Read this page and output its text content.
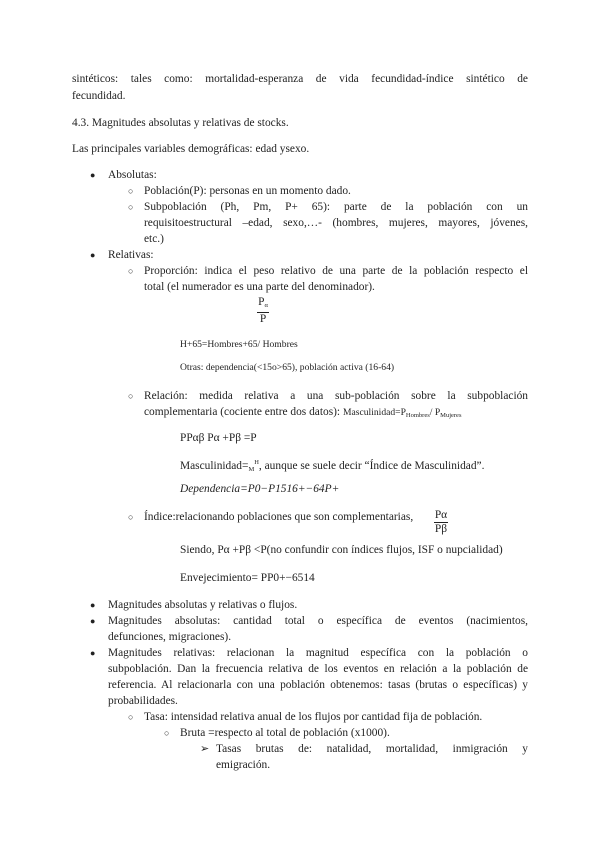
sintéticos: tales como: mortalidad-esperanza de vida fecundidad-índice sintético de
fecundidad.
4.3. Magnitudes absolutas y relativas de stocks.
Las principales variables demográficas: edad ysexo.
● Absolutas:
○ Población(P): personas en un momento dado.
○ Subpoblación (Ph, Pm, P+ 65): parte de la población con un
requisitoestructural –edad, sexo,…- (hombres, mujeres, mayores, jóvenes,
etc.)
● Relativas:
○ Proporción: indica el peso relativo de una parte de la población respecto el
total (el numerador es una parte del denominador).
$\frac{P_\alpha}{P}$
H+65=Hombres+65/ Hombres
Otras: dependencia(<15o>65), población activa (16-64)
○ Relación: medida relativa a una sub-población sobre la subpoblación
complementaria (cociente entre dos datos): $Masculinidad=P_{Hombres}/$ $P_{Mujeres}$
PPαβ Pα +Pβ =P
$Masculinidad=_M^H$, aunque se suele decir “Índice de Masculinidad”.
Dependencia=P0−P1516+−64P+
○ Índice:relacionando poblaciones que son complementarias, $\frac{P\alpha}{P\beta}$
Siendo, Pα +Pβ <P(no confundir con índices flujos, ISF o nupcialidad)
Envejecimiento= PP0+−6514
● Magnitudes absolutas y relativas o flujos.
● Magnitudes absolutas: cantidad total o específica de eventos (nacimientos,
defunciones, migraciones).
● Magnitudes relativas: relacionan la magnitud específica con la población o
subpoblación. Dan la frecuencia relativa de los eventos en relación a la población de
referencia. Al relacionarla con una población obtenemos: tasas (brutas o específicas) y
probabilidades.
○ Tasa: intensidad relativa anual de los flujos por cantidad fija de población.
○ Bruta =respecto al total de población (x1000).
➢ Tasas brutas de: natalidad, mortalidad, inmigración y
emigración.
